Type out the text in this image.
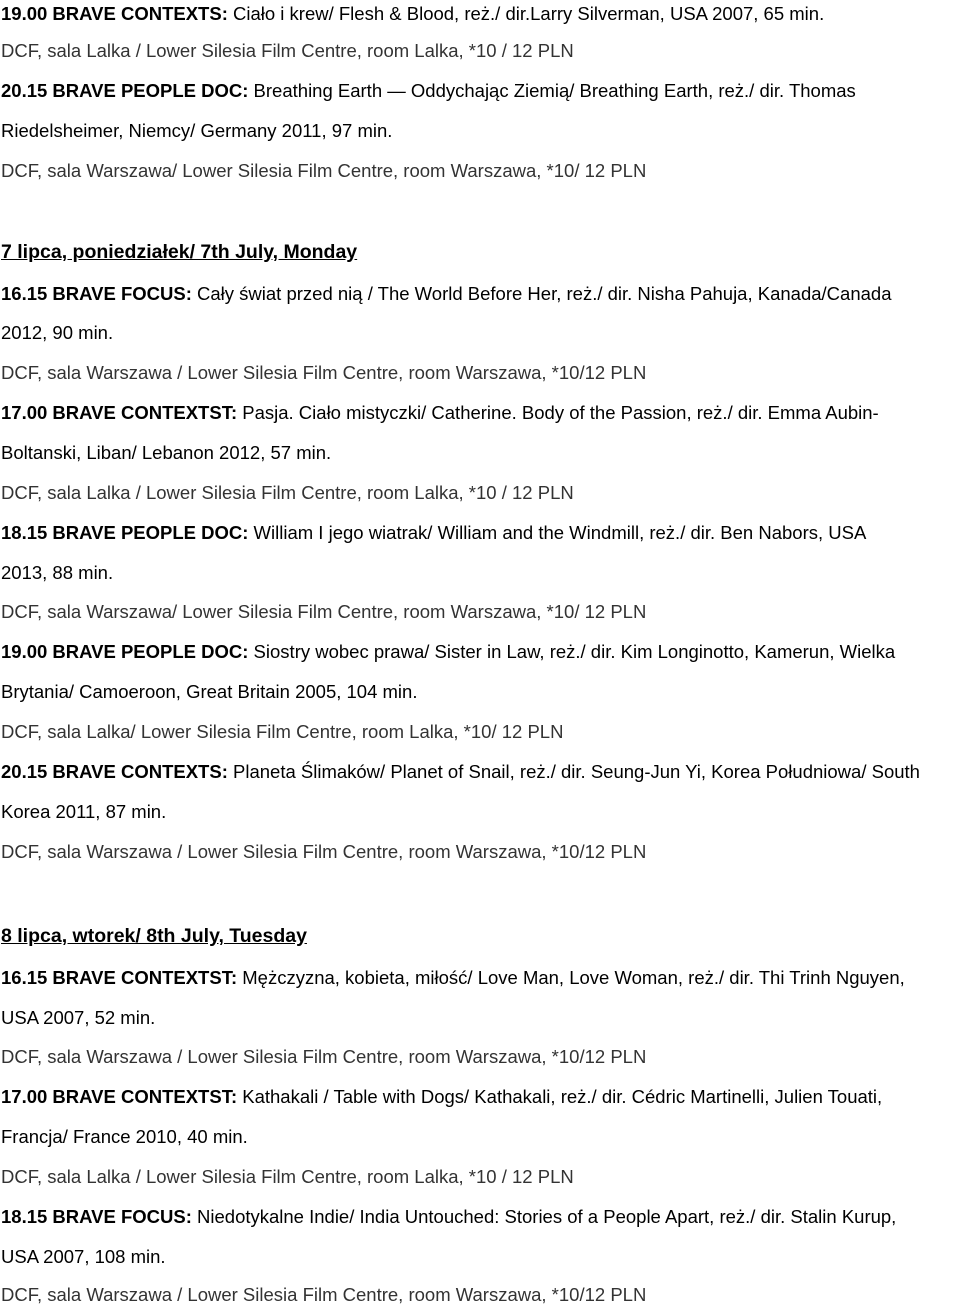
19.00 BRAVE CONTEXTS: Ciało i krew/ Flesh & Blood, reż./ dir.Larry Silverman, USA 2007, 65 min.
DCF, sala Lalka / Lower Silesia Film Centre, room Lalka, *10 / 12 PLN
20.15 BRAVE PEOPLE DOC: Breathing Earth — Oddychając Ziemią/ Breathing Earth, reż./ dir. Thomas
Riedelsheimer, Niemcy/ Germany 2011, 97 min.
DCF, sala Warszawa/ Lower Silesia Film Centre, room Warszawa, *10/ 12 PLN
7 lipca, poniedziałek/ 7th July, Monday
16.15 BRAVE FOCUS: Cały świat przed nią / The World Before Her, reż./ dir. Nisha Pahuja, Kanada/Canada
2012, 90 min.
DCF, sala Warszawa / Lower Silesia Film Centre, room Warszawa, *10/12 PLN
17.00 BRAVE CONTEXTST: Pasja. Ciało mistyczki/ Catherine. Body of the Passion, reż./ dir. Emma Aubin-
Boltanski, Liban/ Lebanon 2012, 57 min.
DCF, sala Lalka / Lower Silesia Film Centre, room Lalka, *10 / 12 PLN
18.15 BRAVE PEOPLE DOC: William I jego wiatrak/ William and the Windmill, reż./ dir. Ben Nabors, USA
2013, 88 min.
DCF, sala Warszawa/ Lower Silesia Film Centre, room Warszawa, *10/ 12 PLN
19.00 BRAVE PEOPLE DOC: Siostry wobec prawa/ Sister in Law, reż./ dir. Kim Longinotto, Kamerun, Wielka
Brytania/ Camoeroon, Great Britain 2005, 104 min.
DCF, sala Lalka/ Lower Silesia Film Centre, room Lalka, *10/ 12 PLN
20.15 BRAVE CONTEXTS: Planeta Ślimaków/ Planet of Snail, reż./ dir. Seung-Jun Yi, Korea Południowa/ South
Korea 2011, 87 min.
DCF, sala Warszawa / Lower Silesia Film Centre, room Warszawa, *10/12 PLN
8 lipca, wtorek/ 8th July, Tuesday
16.15 BRAVE CONTEXTST: Mężczyzna, kobieta, miłość/ Love Man, Love Woman, reż./ dir. Thi Trinh Nguyen,
USA 2007, 52 min.
DCF, sala Warszawa / Lower Silesia Film Centre, room Warszawa, *10/12 PLN
17.00 BRAVE CONTEXTST: Kathakali / Table with Dogs/ Kathakali, reż./ dir. Cédric Martinelli, Julien Touati,
Francja/ France 2010, 40 min.
DCF, sala Lalka / Lower Silesia Film Centre, room Lalka, *10 / 12 PLN
18.15 BRAVE FOCUS: Niedotykalne Indie/ India Untouched: Stories of a People Apart, reż./ dir. Stalin Kurup,
USA 2007, 108 min.
DCF, sala Warszawa / Lower Silesia Film Centre, room Warszawa, *10/12 PLN
